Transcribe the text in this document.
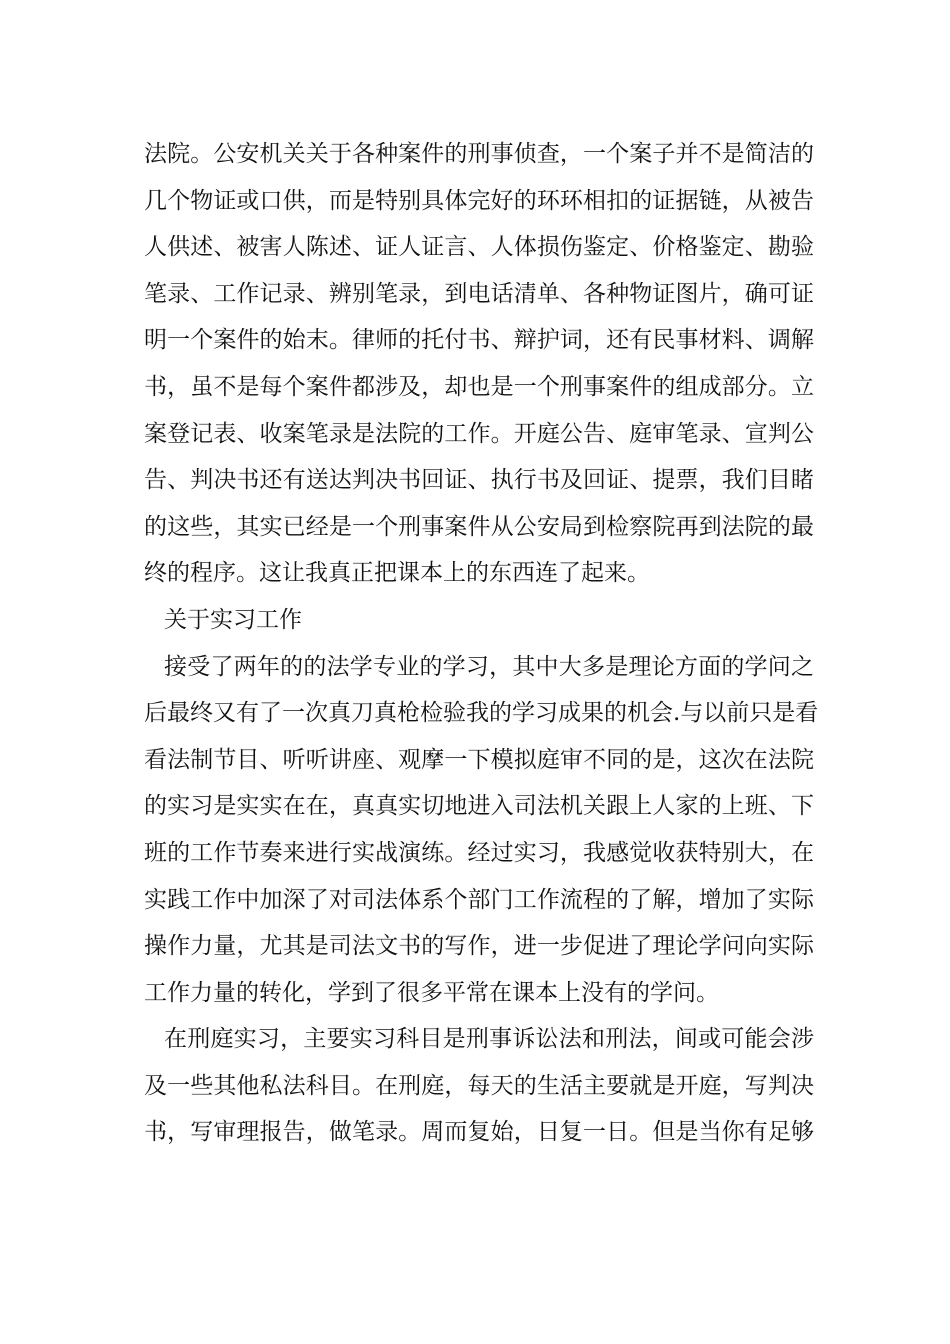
法院。公安机关关于各种案件的刑事侦查，一个案子并不是简洁的
几个物证或口供，而是特别具体完好的环环相扣的证据链，从被告
人供述、被害人陈述、证人证言、人体损伤鉴定、价格鉴定、勘验
笔录、工作记录、辨别笔录，到电话清单、各种物证图片，确可证
明一个案件的始末。律师的托付书、辩护词，还有民事材料、调解
书，虽不是每个案件都涉及，却也是一个刑事案件的组成部分。立
案登记表、收案笔录是法院的工作。开庭公告、庭审笔录、宣判公
告、判决书还有送达判决书回证、执行书及回证、提票，我们目睹
的这些，其实已经是一个刑事案件从公安局到检察院再到法院的最
终的程序。这让我真正把课本上的东西连了起来。
关于实习工作
接受了两年的的法学专业的学习，其中大多是理论方面的学问之
后最终又有了一次真刀真枪检验我的学习成果的机会.与以前只是看
看法制节目、听听讲座、观摩一下模拟庭审不同的是，这次在法院
的实习是实实在在，真真实切地进入司法机关跟上人家的上班、下
班的工作节奏来进行实战演练。经过实习，我感觉收获特别大，在
实践工作中加深了对司法体系个部门工作流程的了解，增加了实际
操作力量，尤其是司法文书的写作，进一步促进了理论学问向实际
工作力量的转化，学到了很多平常在课本上没有的学问。
在刑庭实习，主要实习科目是刑事诉讼法和刑法，间或可能会涉
及一些其他私法科目。在刑庭，每天的生活主要就是开庭，写判决
书，写审理报告，做笔录。周而复始，日复一日。但是当你有足够
